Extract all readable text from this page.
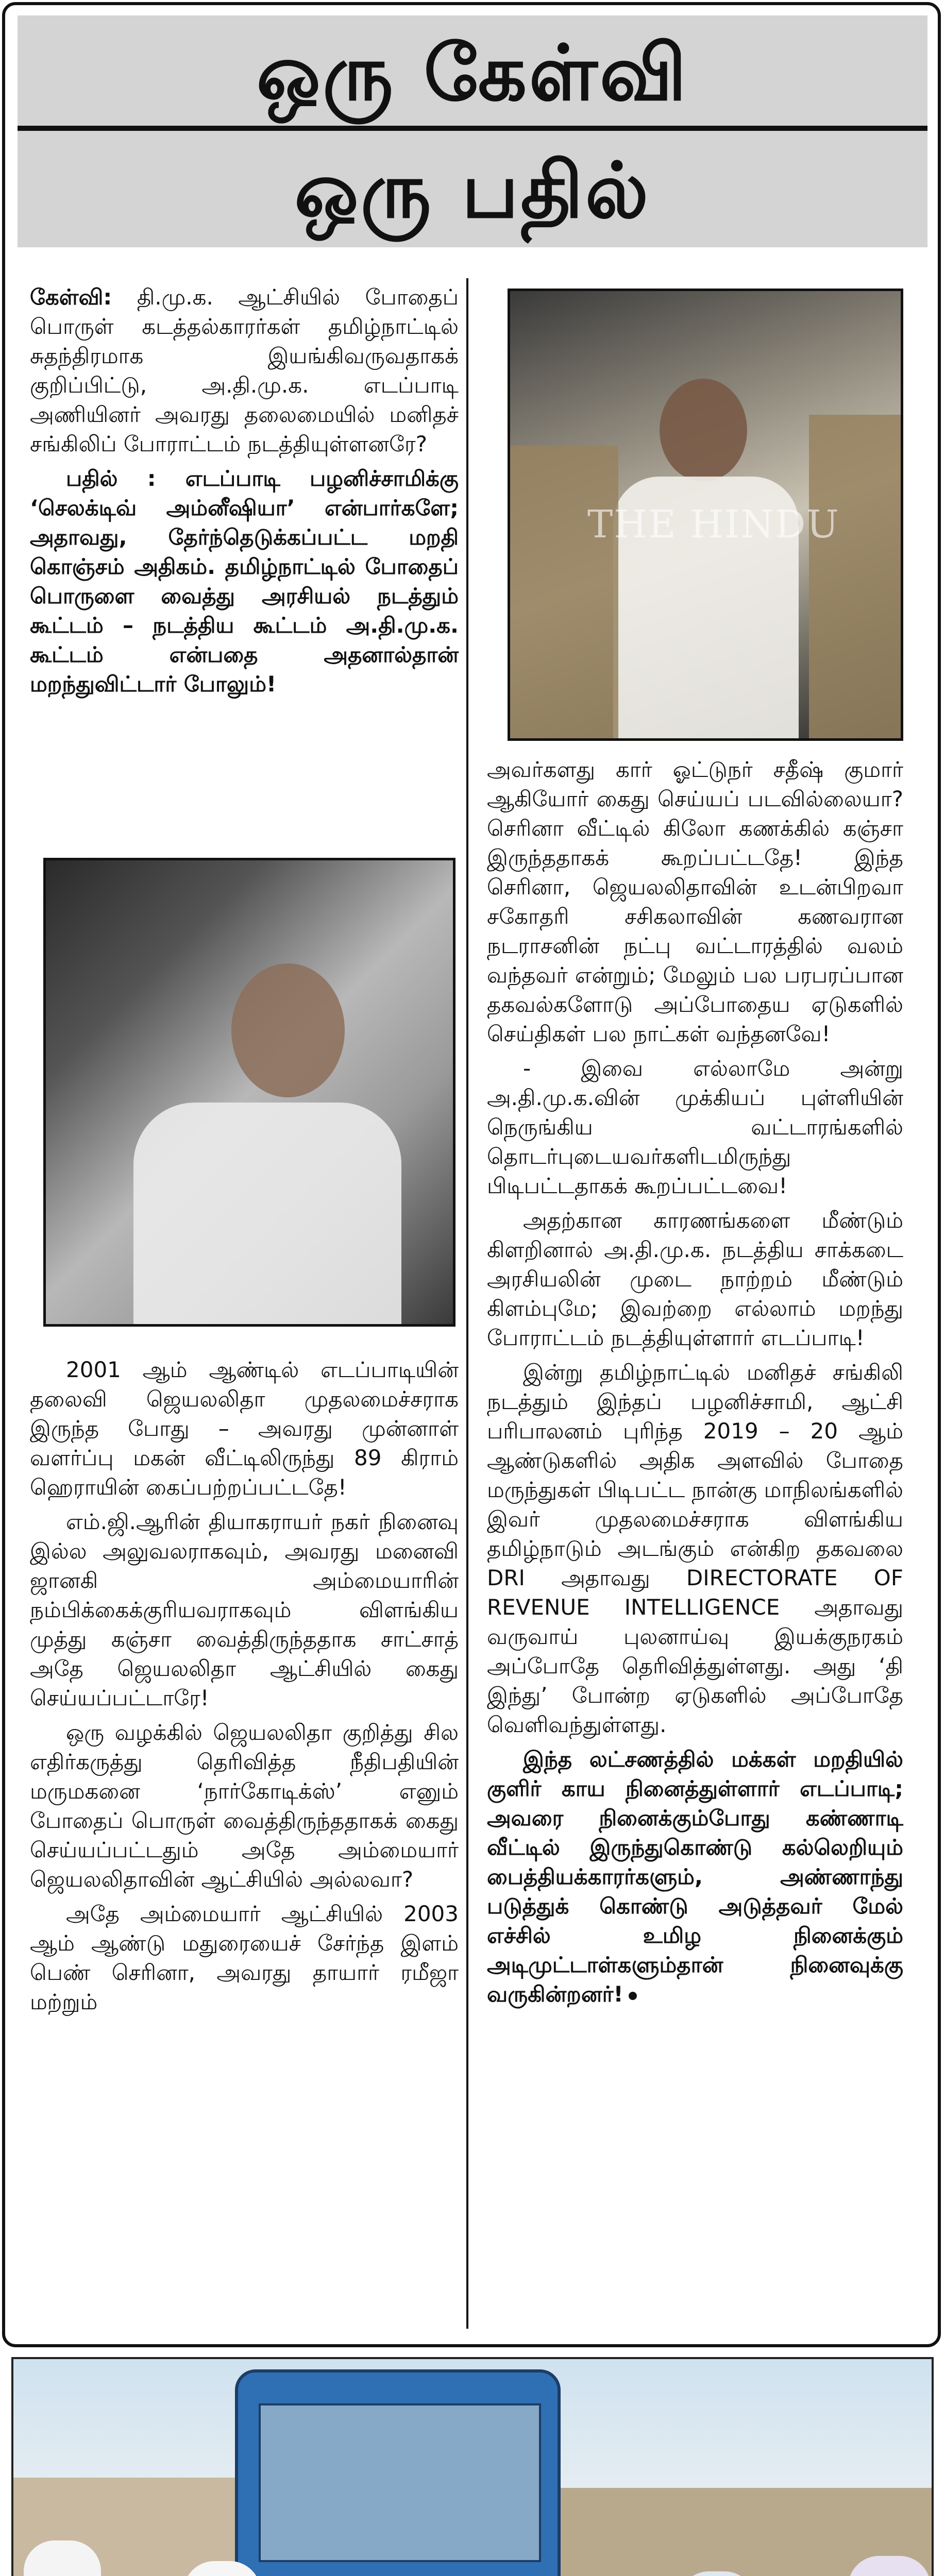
ஒரு கேள்வி
ஒரு பதில்

கேள்வி: தி.மு.க. ஆட்சியில் போதைப் பொருள் கடத்தல்காரர்கள் தமிழ்நாட்டில் சுதந்திரமாக இயங்கிவருவதாகக் குறிப்பிட்டு, அ.தி.மு.க. எடப்பாடி அணியினர் அவரது தலைமையில் மனிதச் சங்கிலிப் போராட்டம் நடத்தியுள்ளனரே?

பதில் : எடப்பாடி பழனிச்சாமிக்கு ‘செலக்டிவ் அம்னீஷியா’ என்பார்களே; அதாவது, தேர்ந்தெடுக்கப்பட்ட மறதி கொஞ்சம் அதிகம். தமிழ்நாட்டில் போதைப் பொருளை வைத்து அரசியல் நடத்தும் கூட்டம் – நடத்திய கூட்டம் அ.தி.மு.க. கூட்டம் என்பதை அதனால்தான் மறந்துவிட்டார் போலும்!

2001 ஆம் ஆண்டில் எடப்பாடியின் தலைவி ஜெயலலிதா முதலமைச்சராக இருந்த போது – அவரது முன்னாள் வளர்ப்பு மகன் வீட்டிலிருந்து 89 கிராம் ஹெராயின் கைப்பற்றப்பட்டதே!

எம்.ஜி.ஆரின் தியாகராயர் நகர் நினைவு இல்ல அலுவலராகவும், அவரது மனைவி ஜானகி அம்மையாரின் நம்பிக்கைக்குரியவராகவும் விளங்கிய முத்து கஞ்சா வைத்திருந்ததாக சாட்சாத் அதே ஜெயலலிதா ஆட்சியில் கைது செய்யப்பட்டாரே!

ஒரு வழக்கில் ஜெயலலிதா குறித்து சில எதிர்கருத்து தெரிவித்த நீதிபதியின் மருமகனை ‘நார்கோடிக்ஸ்’ எனும் போதைப் பொருள் வைத்திருந்ததாகக் கைது செய்யப்பட்டதும் அதே அம்மையார் ஜெயலலிதாவின் ஆட்சியில் அல்லவா?

அதே அம்மையார் ஆட்சியில் 2003 ஆம் ஆண்டு மதுரையைச் சேர்ந்த இளம் பெண் செரினா, அவரது தாயார் ரமீஜா மற்றும்

THE HINDU

அவர்களது கார் ஓட்டுநர் சதீஷ் குமார் ஆகியோர் கைது செய்யப் படவில்லையா? செரினா வீட்டில் கிலோ கணக்கில் கஞ்சா இருந்ததாகக் கூறப்பட்டதே! இந்த செரினா, ஜெயலலிதாவின் உடன்பிறவா சகோதரி சசிகலாவின் கணவரான நடராசனின் நட்பு வட்டாரத்தில் வலம் வந்தவர் என்றும்; மேலும் பல பரபரப்பான தகவல்களோடு அப்போதைய ஏடுகளில் செய்திகள் பல நாட்கள் வந்தனவே!

- இவை எல்லாமே அன்று அ.தி.மு.க.வின் முக்கியப் புள்ளியின் நெருங்கிய வட்டாரங்களில் தொடர்புடையவர்களிடமிருந்து பிடிபட்டதாகக் கூறப்பட்டவை!

அதற்கான காரணங்களை மீண்டும் கிளறினால் அ.தி.மு.க. நடத்திய சாக்கடை அரசியலின் முடை நாற்றம் மீண்டும் கிளம்புமே; இவற்றை எல்லாம் மறந்து போராட்டம் நடத்தியுள்ளார் எடப்பாடி!

இன்று தமிழ்நாட்டில் மனிதச் சங்கிலி நடத்தும் இந்தப் பழனிச்சாமி, ஆட்சி பரிபாலனம் புரிந்த 2019 – 20 ஆம் ஆண்டுகளில் அதிக அளவில் போதை மருந்துகள் பிடிபட்ட நான்கு மாநிலங்களில் இவர் முதலமைச்சராக விளங்கிய தமிழ்நாடும் அடங்கும் என்கிற தகவலை DRI அதாவது DIRECTORATE OF REVENUE INTELLIGENCE அதாவது வருவாய் புலனாய்வு இயக்குநரகம் அப்போதே தெரிவித்துள்ளது. அது ‘தி இந்து’ போன்ற ஏடுகளில் அப்போதே வெளிவந்துள்ளது.

இந்த லட்சணத்தில் மக்கள் மறதியில் குளிர் காய நினைத்துள்ளார் எடப்பாடி; அவரை நினைக்கும்போது கண்ணாடி வீட்டில் இருந்துகொண்டு கல்லெறியும் பைத்தியக்காரர்களும், அண்ணாந்து படுத்துக் கொண்டு அடுத்தவர் மேல் எச்சில் உமிழ நினைக்கும் அடிமுட்டாள்களும்தான் நினைவுக்கு வருகின்றனர்!
